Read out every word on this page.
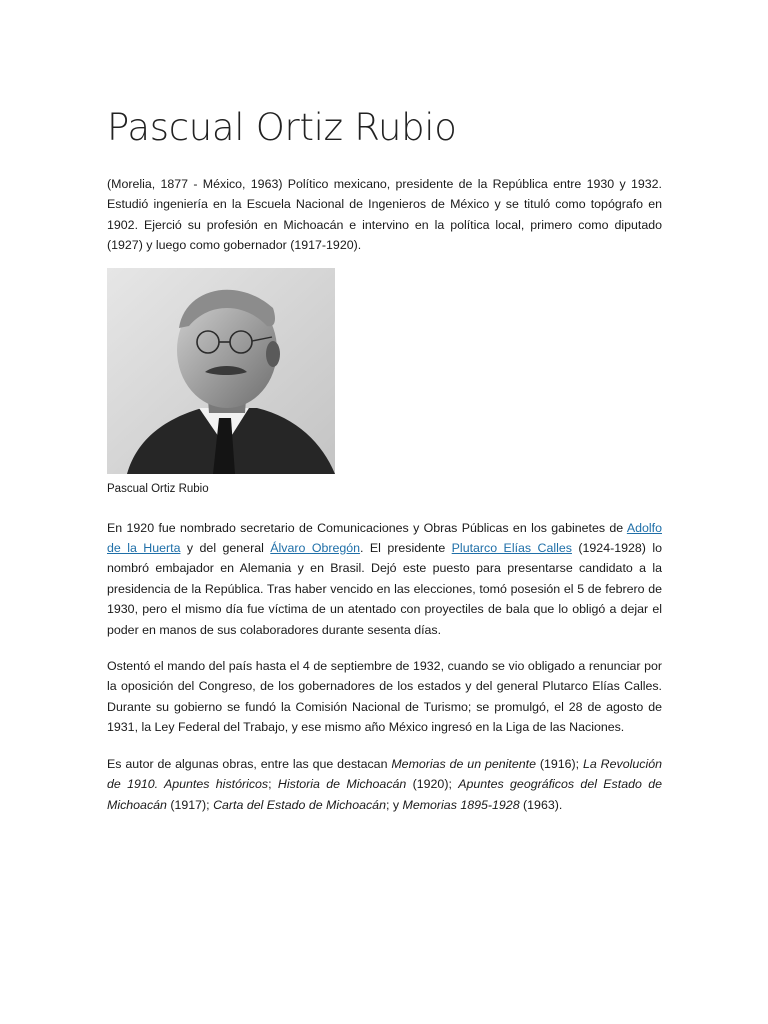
Pascual Ortiz Rubio

(Morelia, 1877 - México, 1963) Político mexicano, presidente de la República entre 1930 y 1932. Estudió ingeniería en la Escuela Nacional de Ingenieros de México y se tituló como topógrafo en 1902. Ejerció su profesión en Michoacán e intervino en la política local, primero como diputado (1927) y luego como gobernador (1917-1920).

Pascual Ortiz Rubio

En 1920 fue nombrado secretario de Comunicaciones y Obras Públicas en los gabinetes de Adolfo de la Huerta y del general Álvaro Obregón. El presidente Plutarco Elías Calles (1924-1928) lo nombró embajador en Alemania y en Brasil. Dejó este puesto para presentarse candidato a la presidencia de la República. Tras haber vencido en las elecciones, tomó posesión el 5 de febrero de 1930, pero el mismo día fue víctima de un atentado con proyectiles de bala que lo obligó a dejar el poder en manos de sus colaboradores durante sesenta días.

Ostentó el mando del país hasta el 4 de septiembre de 1932, cuando se vio obligado a renunciar por la oposición del Congreso, de los gobernadores de los estados y del general Plutarco Elías Calles. Durante su gobierno se fundó la Comisión Nacional de Turismo; se promulgó, el 28 de agosto de 1931, la Ley Federal del Trabajo, y ese mismo año México ingresó en la Liga de las Naciones.

Es autor de algunas obras, entre las que destacan Memorias de un penitente (1916); La Revolución de 1910. Apuntes históricos; Historia de Michoacán (1920); Apuntes geográficos del Estado de Michoacán (1917); Carta del Estado de Michoacán; y Memorias 1895-1928 (1963).
